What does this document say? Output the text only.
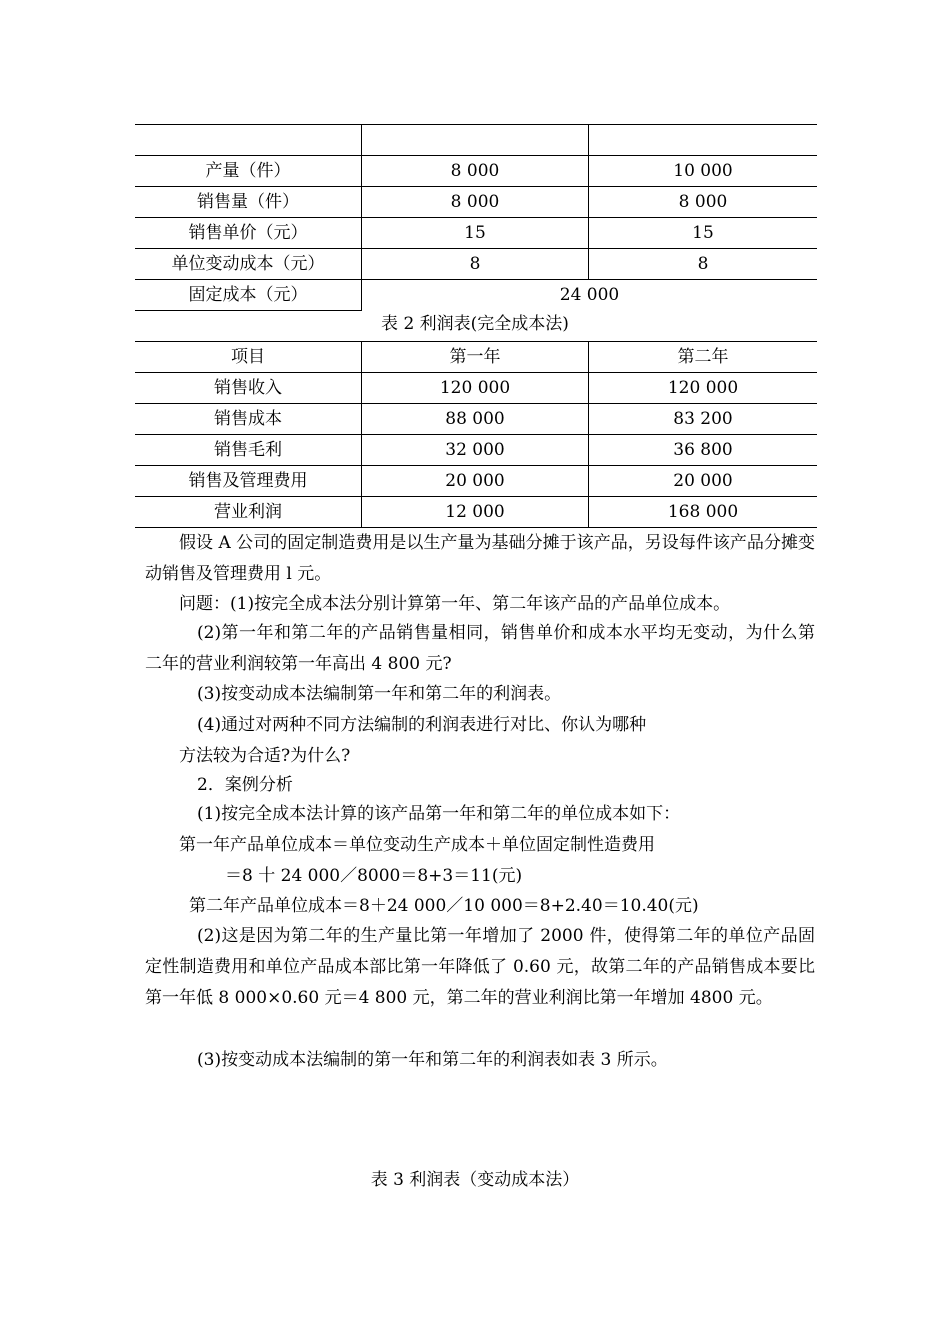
产量（件）	8 000	10 000
销售量（件）	8 000	8 000
销售单价（元）	15	15
单位变动成本（元）	8	8
固定成本（元）	24 000	
表 2 利润表(完全成本法)
项目	第一年	第二年
销售收入	120 000	120 000
销售成本	88 000	83 200
销售毛利	32 000	36 800
销售及管理费用	20 000	20 000
营业利润	12 000	168 000
假设 A 公司的固定制造费用是以生产量为基础分摊于该产品，另设每件该产品分摊变动销售及管理费用 l 元。
问题：(1)按完全成本法分别计算第一年、第二年该产品的产品单位成本。
(2)第一年和第二年的产品销售量相同，销售单价和成本水平均无变动，为什么第二年的营业利润较第一年高出 4 800 元?
(3)按变动成本法编制第一年和第二年的利润表。
(4)通过对两种不同方法编制的利润表进行对比、你认为哪种
方法较为合适?为什么?
2．案例分析
(1)按完全成本法计算的该产品第一年和第二年的单位成本如下：
第一年产品单位成本＝单位变动生产成本＋单位固定制性造费用
＝8 十 24 000／8000＝8+3＝11(元)
第二年产品单位成本＝8＋24 000／10 000＝8+2.40＝10.40(元)
(2)这是因为第二年的生产量比第一年增加了 2000 件，使得第二年的单位产品固定性制造费用和单位产品成本部比第一年降低了 0.60 元，故第二年的产品销售成本要比第一年低 8 000×0.60 元＝4 800 元，第二年的营业利润比第一年增加 4800 元。
(3)按变动成本法编制的第一年和第二年的利润表如表 3 所示。
表 3 利润表（变动成本法）
